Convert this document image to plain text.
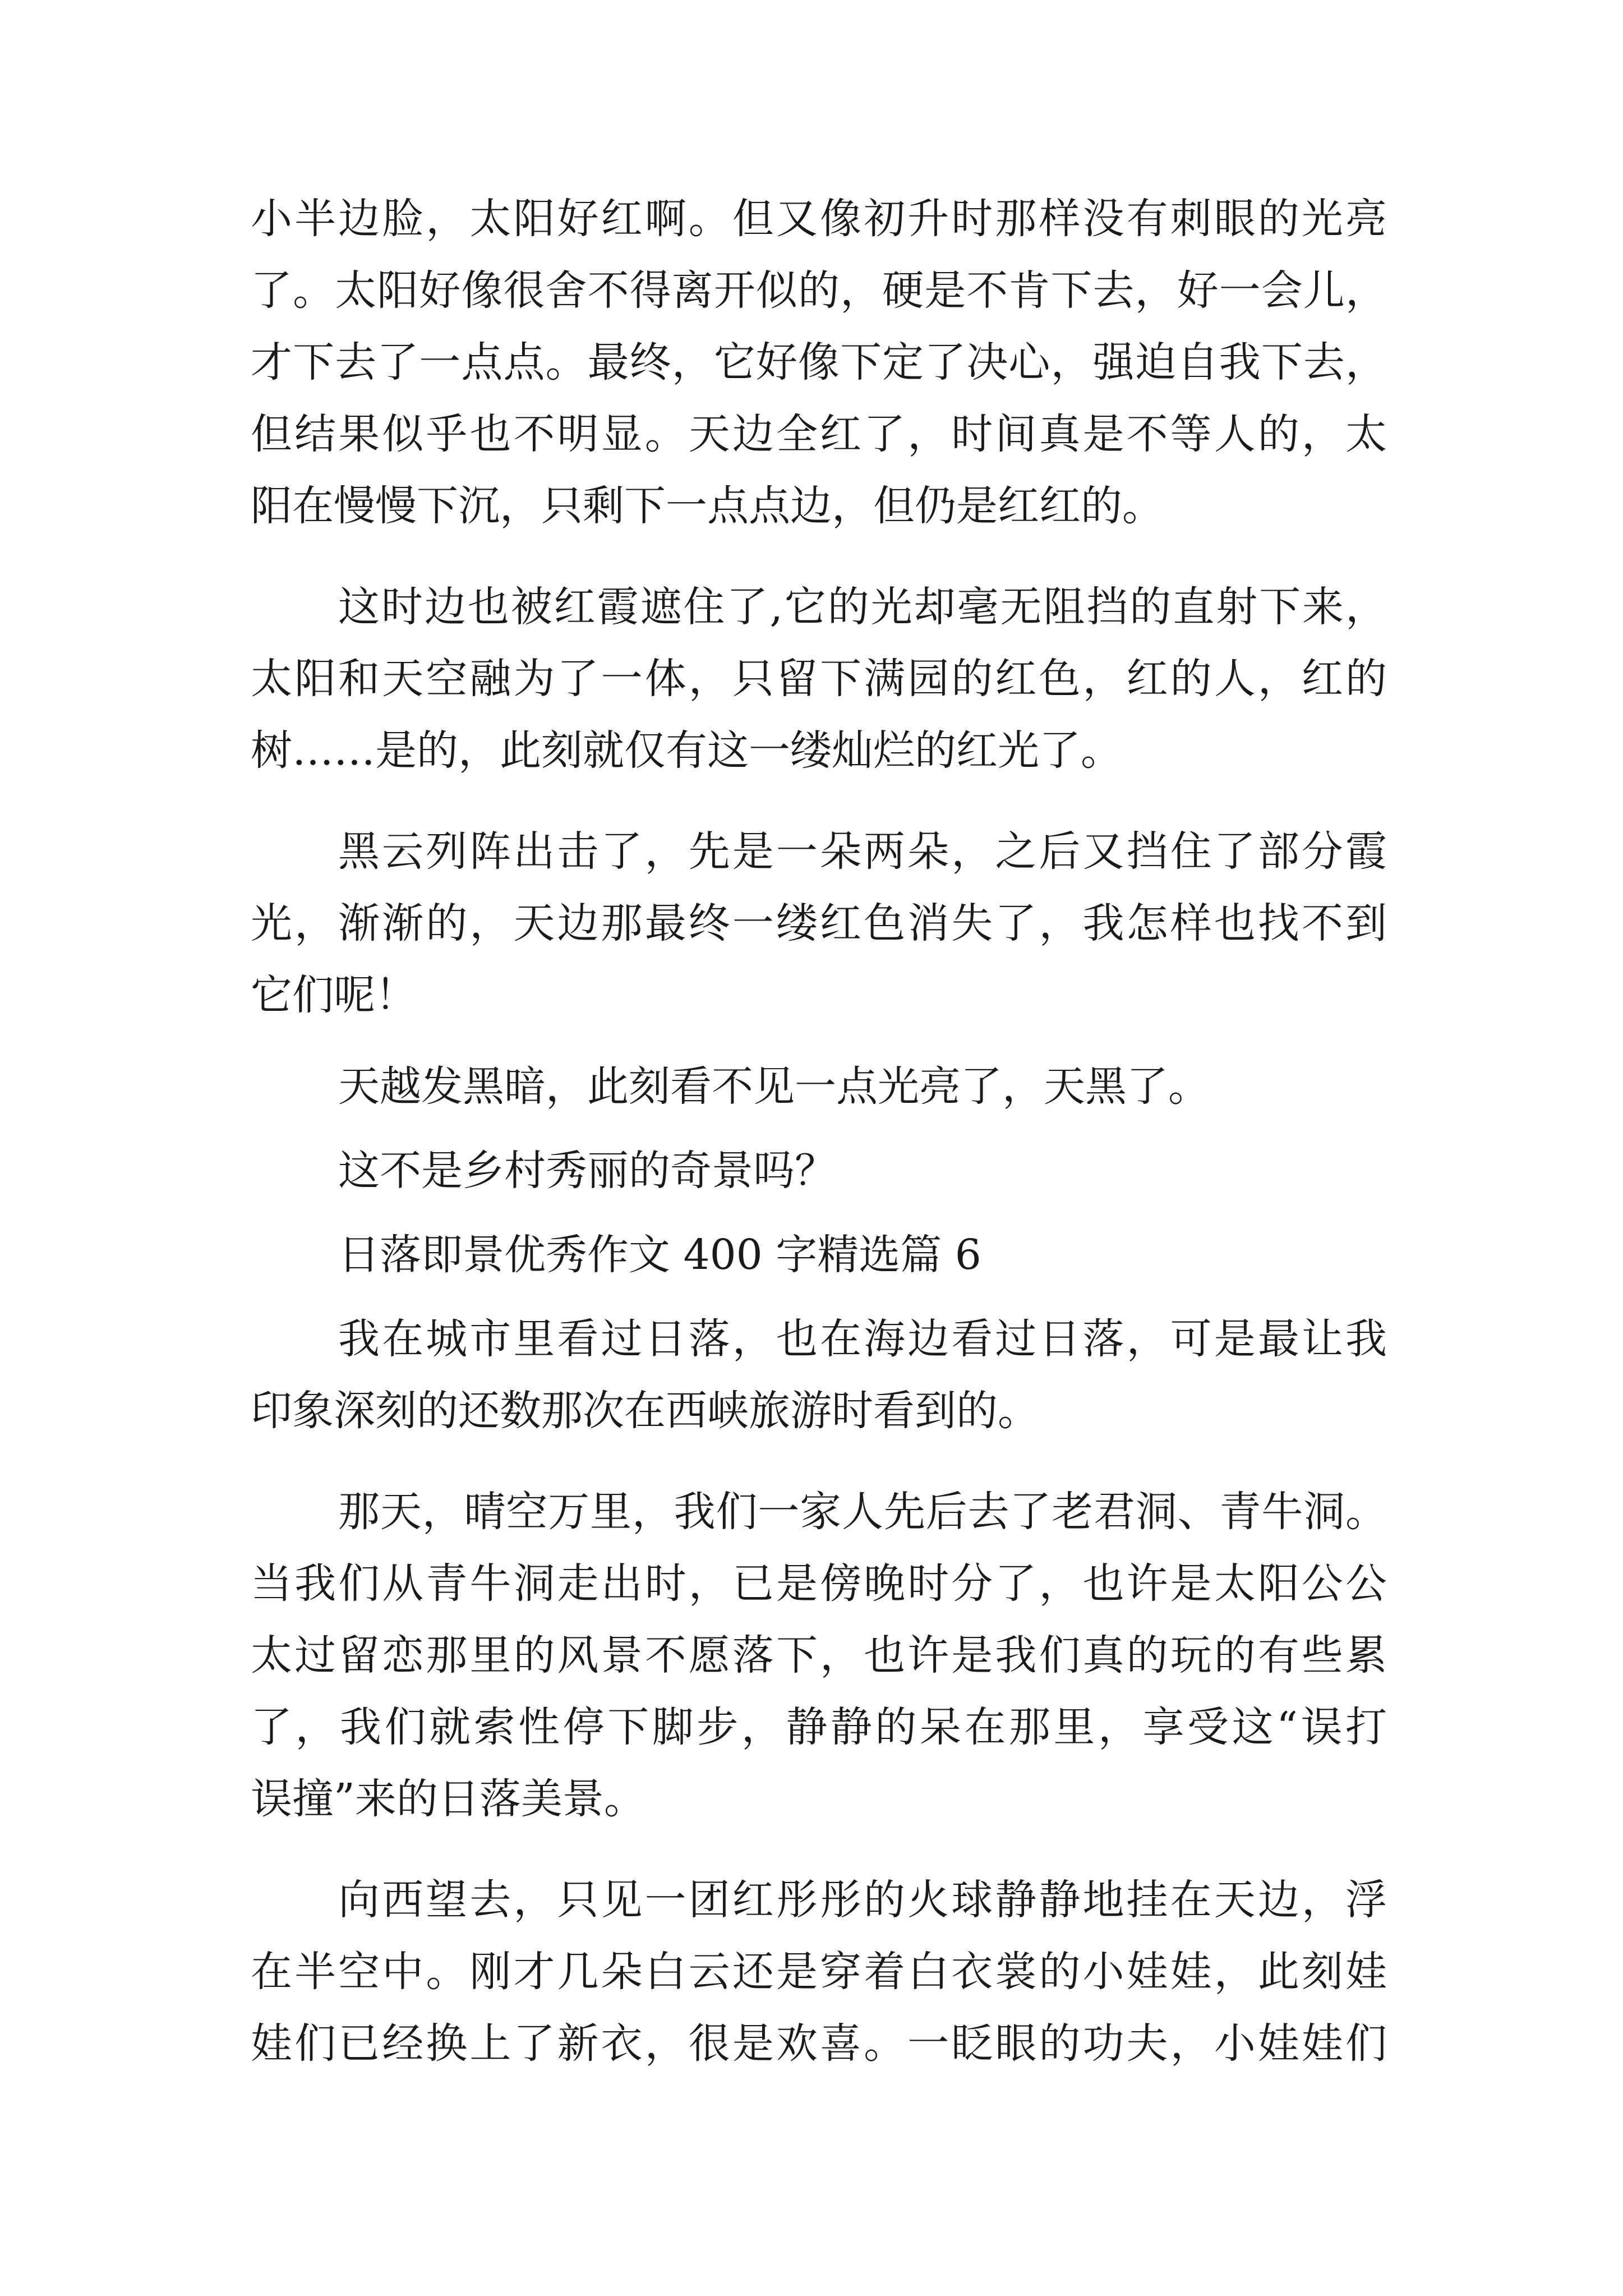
小半边脸，太阳好红啊。但又像初升时那样没有刺眼的光亮
了。太阳好像很舍不得离开似的，硬是不肯下去，好一会儿，
才下去了一点点。最终，它好像下定了决心，强迫自我下去，
但结果似乎也不明显。天边全红了，时间真是不等人的，太
阳在慢慢下沉，只剩下一点点边，但仍是红红的。
这时边也被红霞遮住了,它的光却毫无阻挡的直射下来，
太阳和天空融为了一体，只留下满园的红色，红的人，红的
树……是的，此刻就仅有这一缕灿烂的红光了。
黑云列阵出击了，先是一朵两朵，之后又挡住了部分霞
光，渐渐的，天边那最终一缕红色消失了，我怎样也找不到
它们呢！
天越发黑暗，此刻看不见一点光亮了，天黑了。
这不是乡村秀丽的奇景吗？
日落即景优秀作文 400 字精选篇 6
我在城市里看过日落，也在海边看过日落，可是最让我
印象深刻的还数那次在西峡旅游时看到的。
那天，晴空万里，我们一家人先后去了老君洞、青牛洞。
当我们从青牛洞走出时，已是傍晚时分了，也许是太阳公公
太过留恋那里的风景不愿落下，也许是我们真的玩的有些累
了，我们就索性停下脚步，静静的呆在那里，享受这“误打
误撞”来的日落美景。
向西望去，只见一团红彤彤的火球静静地挂在天边，浮
在半空中。刚才几朵白云还是穿着白衣裳的小娃娃，此刻娃
娃们已经换上了新衣，很是欢喜。一眨眼的功夫，小娃娃们
